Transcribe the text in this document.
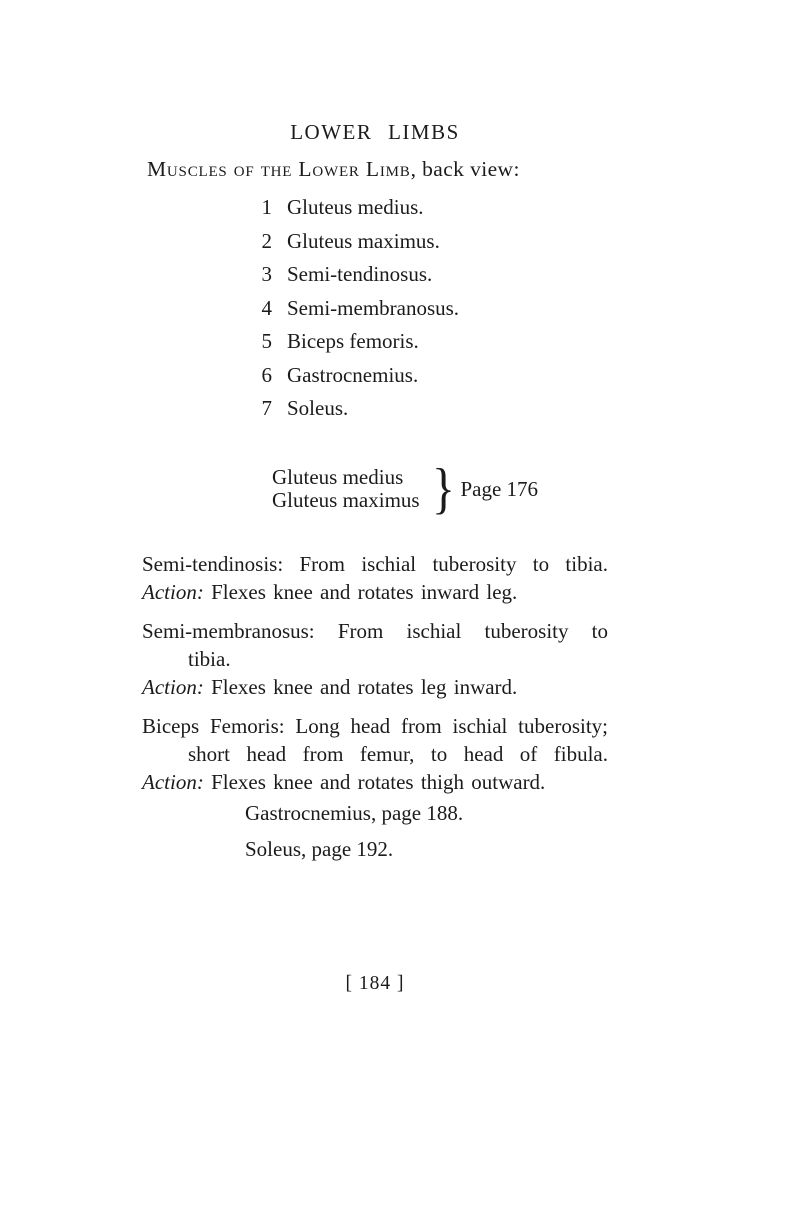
LOWER LIMBS
Muscles of the Lower Limb, back view:
1 Gluteus medius.
2 Gluteus maximus.
3 Semi-tendinosus.
4 Semi-membranosus.
5 Biceps femoris.
6 Gastrocnemius.
7 Soleus.
Gluteus medius
Gluteus maximus } Page 176
Semi-tendinosis: From ischial tuberosity to tibia.
Action: Flexes knee and rotates inward leg.
Semi-membranosus: From ischial tuberosity to
tibia.
Action: Flexes knee and rotates leg inward.
Biceps Femoris: Long head from ischial tuberosity;
short head from femur, to head of fibula.
Action: Flexes knee and rotates thigh outward.
Gastrocnemius, page 188.
Soleus, page 192.
[ 184 ]
